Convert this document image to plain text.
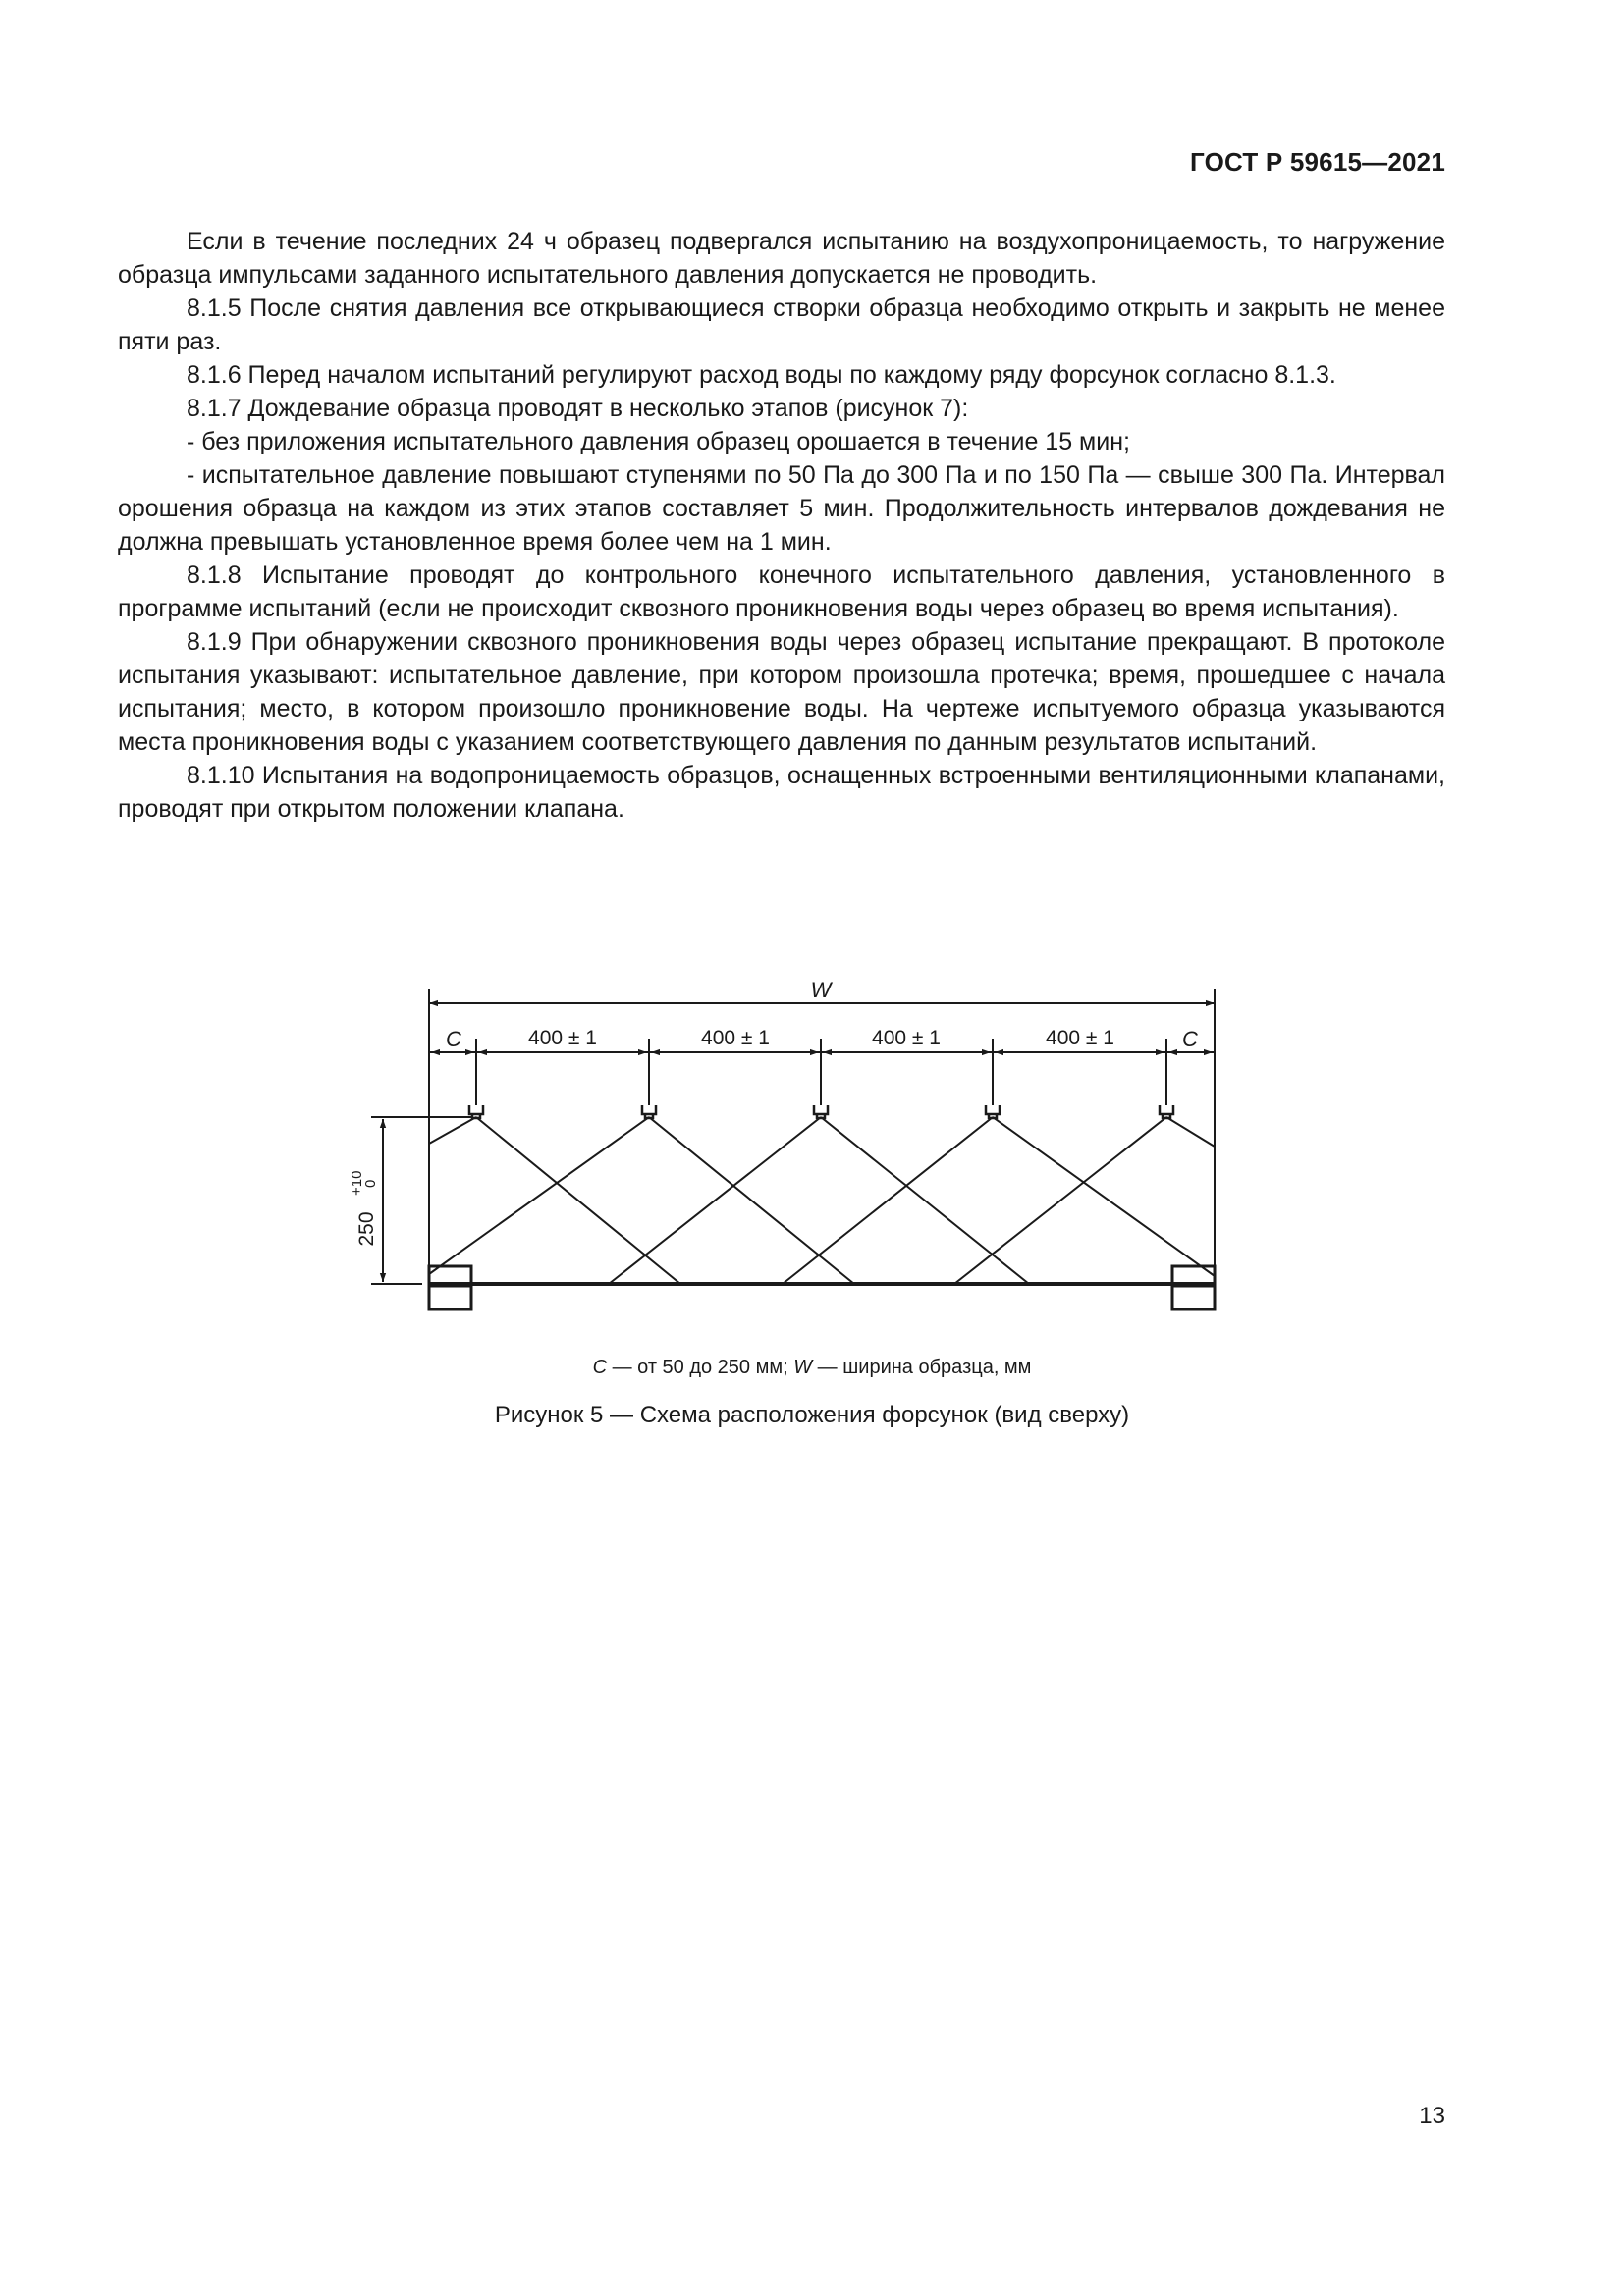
ГОСТ Р 59615—2021

Если в течение последних 24 ч образец подвергался испытанию на воздухопроницаемость, то нагружение образца импульсами заданного испытательного давления допускается не проводить.

8.1.5 После снятия давления все открывающиеся створки образца необходимо открыть и закрыть не менее пяти раз.

8.1.6 Перед началом испытаний регулируют расход воды по каждому ряду форсунок согласно 8.1.3.

8.1.7 Дождевание образца проводят в несколько этапов (рисунок 7):

- без приложения испытательного давления образец орошается в течение 15 мин;

- испытательное давление повышают ступенями по 50 Па до 300 Па и по 150 Па — свыше 300 Па. Интервал орошения образца на каждом из этих этапов составляет 5 мин. Продолжительность интервалов дождевания не должна превышать установленное время более чем на 1 мин.

8.1.8 Испытание проводят до контрольного конечного испытательного давления, установленного в программе испытаний (если не происходит сквозного проникновения воды через образец во время испытания).

8.1.9 При обнаружении сквозного проникновения воды через образец испытание прекращают. В протоколе испытания указывают: испытательное давление, при котором произошла протечка; время, прошедшее с начала испытания; место, в котором произошло проникновение воды. На чертеже испытуемого образца указываются места проникновения воды с указанием соответствующего давления по данным результатов испытаний.

8.1.10 Испытания на водопроницаемость образцов, оснащенных встроенными вентиляционными клапанами, проводят при открытом положении клапана.

W
C	C
400 ± 1	400 ± 1	400 ± 1	400 ± 1
250
+10
0
C — от 50 до 250 мм; W — ширина образца, мм
Рисунок 5 — Схема расположения форсунок (вид сверху)
13
